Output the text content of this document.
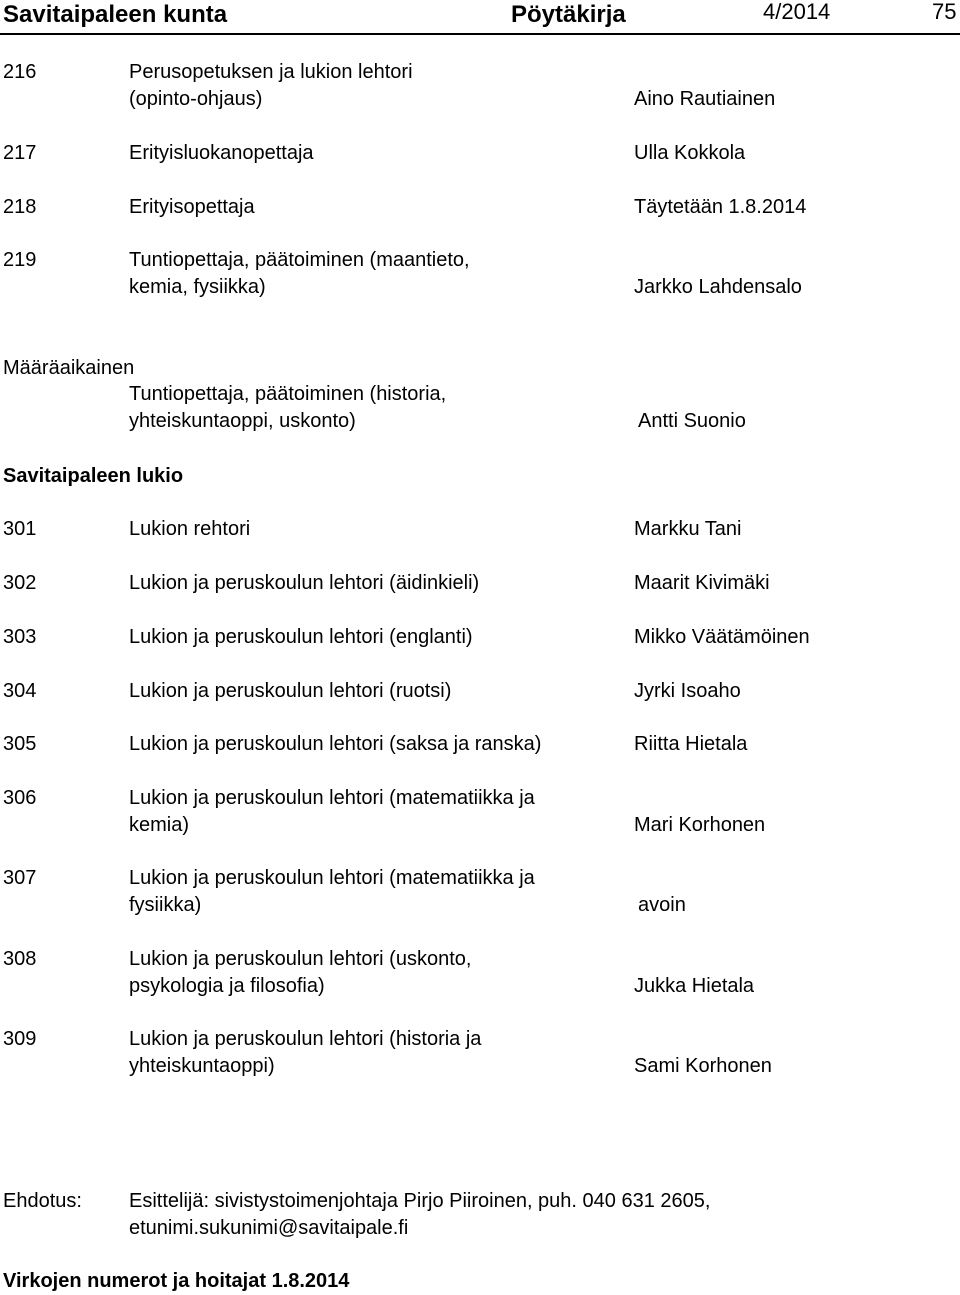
Savitaipaleen kunta	Pöytäkirja	4/2014	75
216	Perusopetuksen ja lukion lehtori
(opinto-ohjaus)	Aino Rautiainen
217	Erityisluokanopettaja	Ulla Kokkola
218	Erityisopettaja	Täytetään 1.8.2014
219	Tuntiopettaja, päätoiminen (maantieto,
kemia, fysiikka)	Jarkko Lahdensalo
Määräaikainen
Tuntiopettaja, päätoiminen (historia,
yhteiskuntaoppi, uskonto)	Antti Suonio
Savitaipaleen lukio
301	Lukion rehtori	Markku Tani
302	Lukion ja peruskoulun lehtori (äidinkieli)	Maarit Kivimäki
303	Lukion ja peruskoulun lehtori (englanti)	Mikko Väätämöinen
304	Lukion ja peruskoulun lehtori (ruotsi)	Jyrki Isoaho
305	Lukion ja peruskoulun lehtori (saksa ja ranska)	Riitta Hietala
306	Lukion ja peruskoulun lehtori (matematiikka ja
kemia)	Mari Korhonen
307	Lukion ja peruskoulun lehtori (matematiikka ja
fysiikka)	avoin
308	Lukion ja peruskoulun lehtori (uskonto,
psykologia ja filosofia)	Jukka Hietala
309	Lukion ja peruskoulun lehtori (historia ja
yhteiskuntaoppi)	Sami Korhonen
Ehdotus: Esittelijä: sivistystoimenjohtaja Pirjo Piiroinen, puh. 040 631 2605,
etunimi.sukunimi@savitaipale.fi
Virkojen numerot ja hoitajat 1.8.2014
